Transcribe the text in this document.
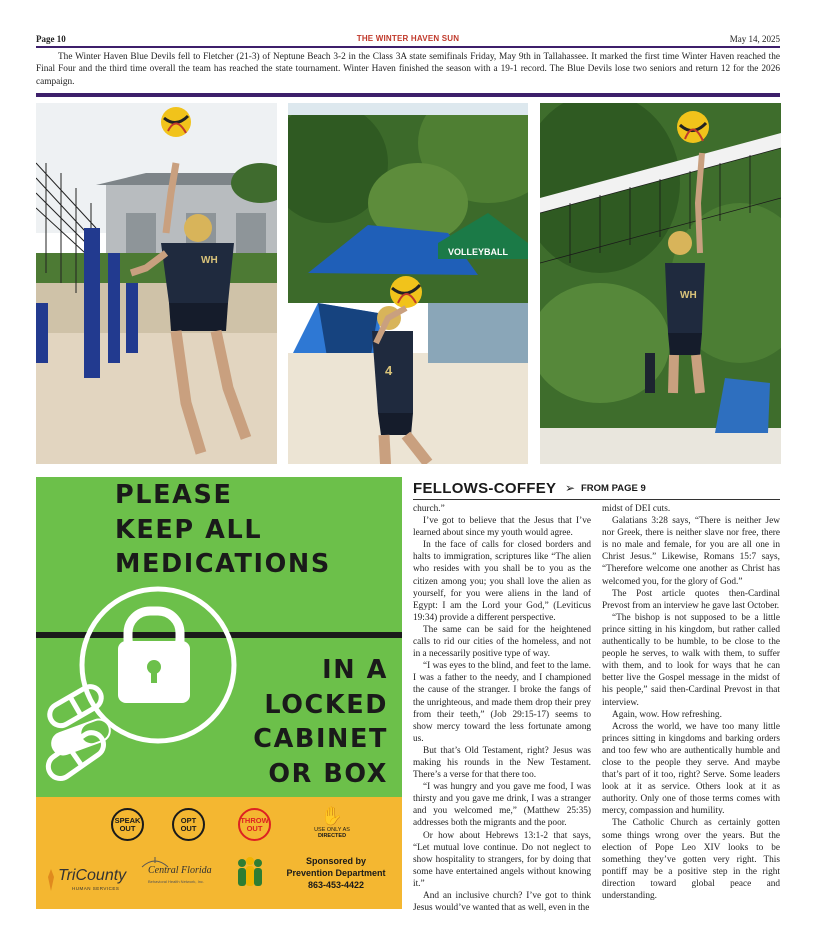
Page 10	THE WINTER HAVEN SUN	May 14, 2025
The Winter Haven Blue Devils fell to Fletcher (21-3) of Neptune Beach 3-2 in the Class 3A state semifinals Friday, May 9th in Tallahassee. It marked the first time Winter Haven reached the Final Four and the third time overall the team has reached the state tournament. Winter Haven finished the season with a 19-1 record. The Blue Devils lose two seniors and return 12 for the 2026 campaign.
WH
VOLLEYBALL
4
WH
PLEASE
KEEP ALL
MEDICATIONS
IN A
LOCKED
CABINET
OR BOX
SPEAK
OUT
OPT
OUT
THROW
OUT
✋
USE ONLY AS
DIRECTED
TriCounty
HUMAN SERVICES
Central Florida
Behavioral Health Network, Inc.
Sponsored by
Prevention Department
863-453-4422
FELLOWS-COFFEY ➢ FROM PAGE 9

church.”

I’ve got to believe that the Jesus that I’ve learned about since my youth would agree.

In the face of calls for closed borders and halts to immigration, scriptures like “The alien who resides with you shall be to you as the citizen among you; you shall love the alien as yourself, for you were aliens in the land of Egypt: I am the Lord your God,” (Leviticus 19:34) provide a different perspective.

The same can be said for the heightened calls to rid our cities of the homeless, and not in a necessarily positive type of way.

“I was eyes to the blind, and feet to the lame. I was a father to the needy, and I championed the cause of the stranger. I broke the fangs of the unrighteous, and made them drop their prey from their teeth,” (Job 29:15-17) seems to show mercy toward the less fortunate among us.

But that’s Old Testament, right? Jesus was making his rounds in the New Testament. There’s a verse for that there too.

“I was hungry and you gave me food, I was thirsty and you gave me drink, I was a stranger and you welcomed me,” (Matthew 25:35) addresses both the migrants and the poor.

Or how about Hebrews 13:1-2 that says, “Let mutual love continue. Do not neglect to show hospitality to strangers, for by doing that some have entertained angels without knowing it.”

And an inclusive church? I’ve got to think Jesus would’ve wanted that as well, even in the

midst of DEI cuts.

Galatians 3:28 says, “There is neither Jew nor Greek, there is neither slave nor free, there is no male and female, for you are all one in Christ Jesus.” Likewise, Romans 15:7 says, “Therefore welcome one another as Christ has welcomed you, for the glory of God.”

The Post article quotes then-Cardinal Prevost from an interview he gave last October.

“The bishop is not supposed to be a little prince sitting in his kingdom, but rather called authentically to be humble, to be close to the people he serves, to walk with them, to suffer with them, and to look for ways that he can better live the Gospel message in the midst of his people,” said then-Cardinal Prevost in that interview.

Again, wow. How refreshing.

Across the world, we have too many little princes sitting in kingdoms and barking orders and too few who are authentically humble and close to the people they serve. And maybe that’s part of it too, right? Serve. Some leaders look at it as service. Others look at it as authority. Only one of those terms comes with mercy, compassion and humility.

The Catholic Church as certainly gotten some things wrong over the years. But the election of Pope Leo XIV looks to be something they’ve gotten very right. This pontiff may be a positive step in the right direction toward global peace and understanding.
